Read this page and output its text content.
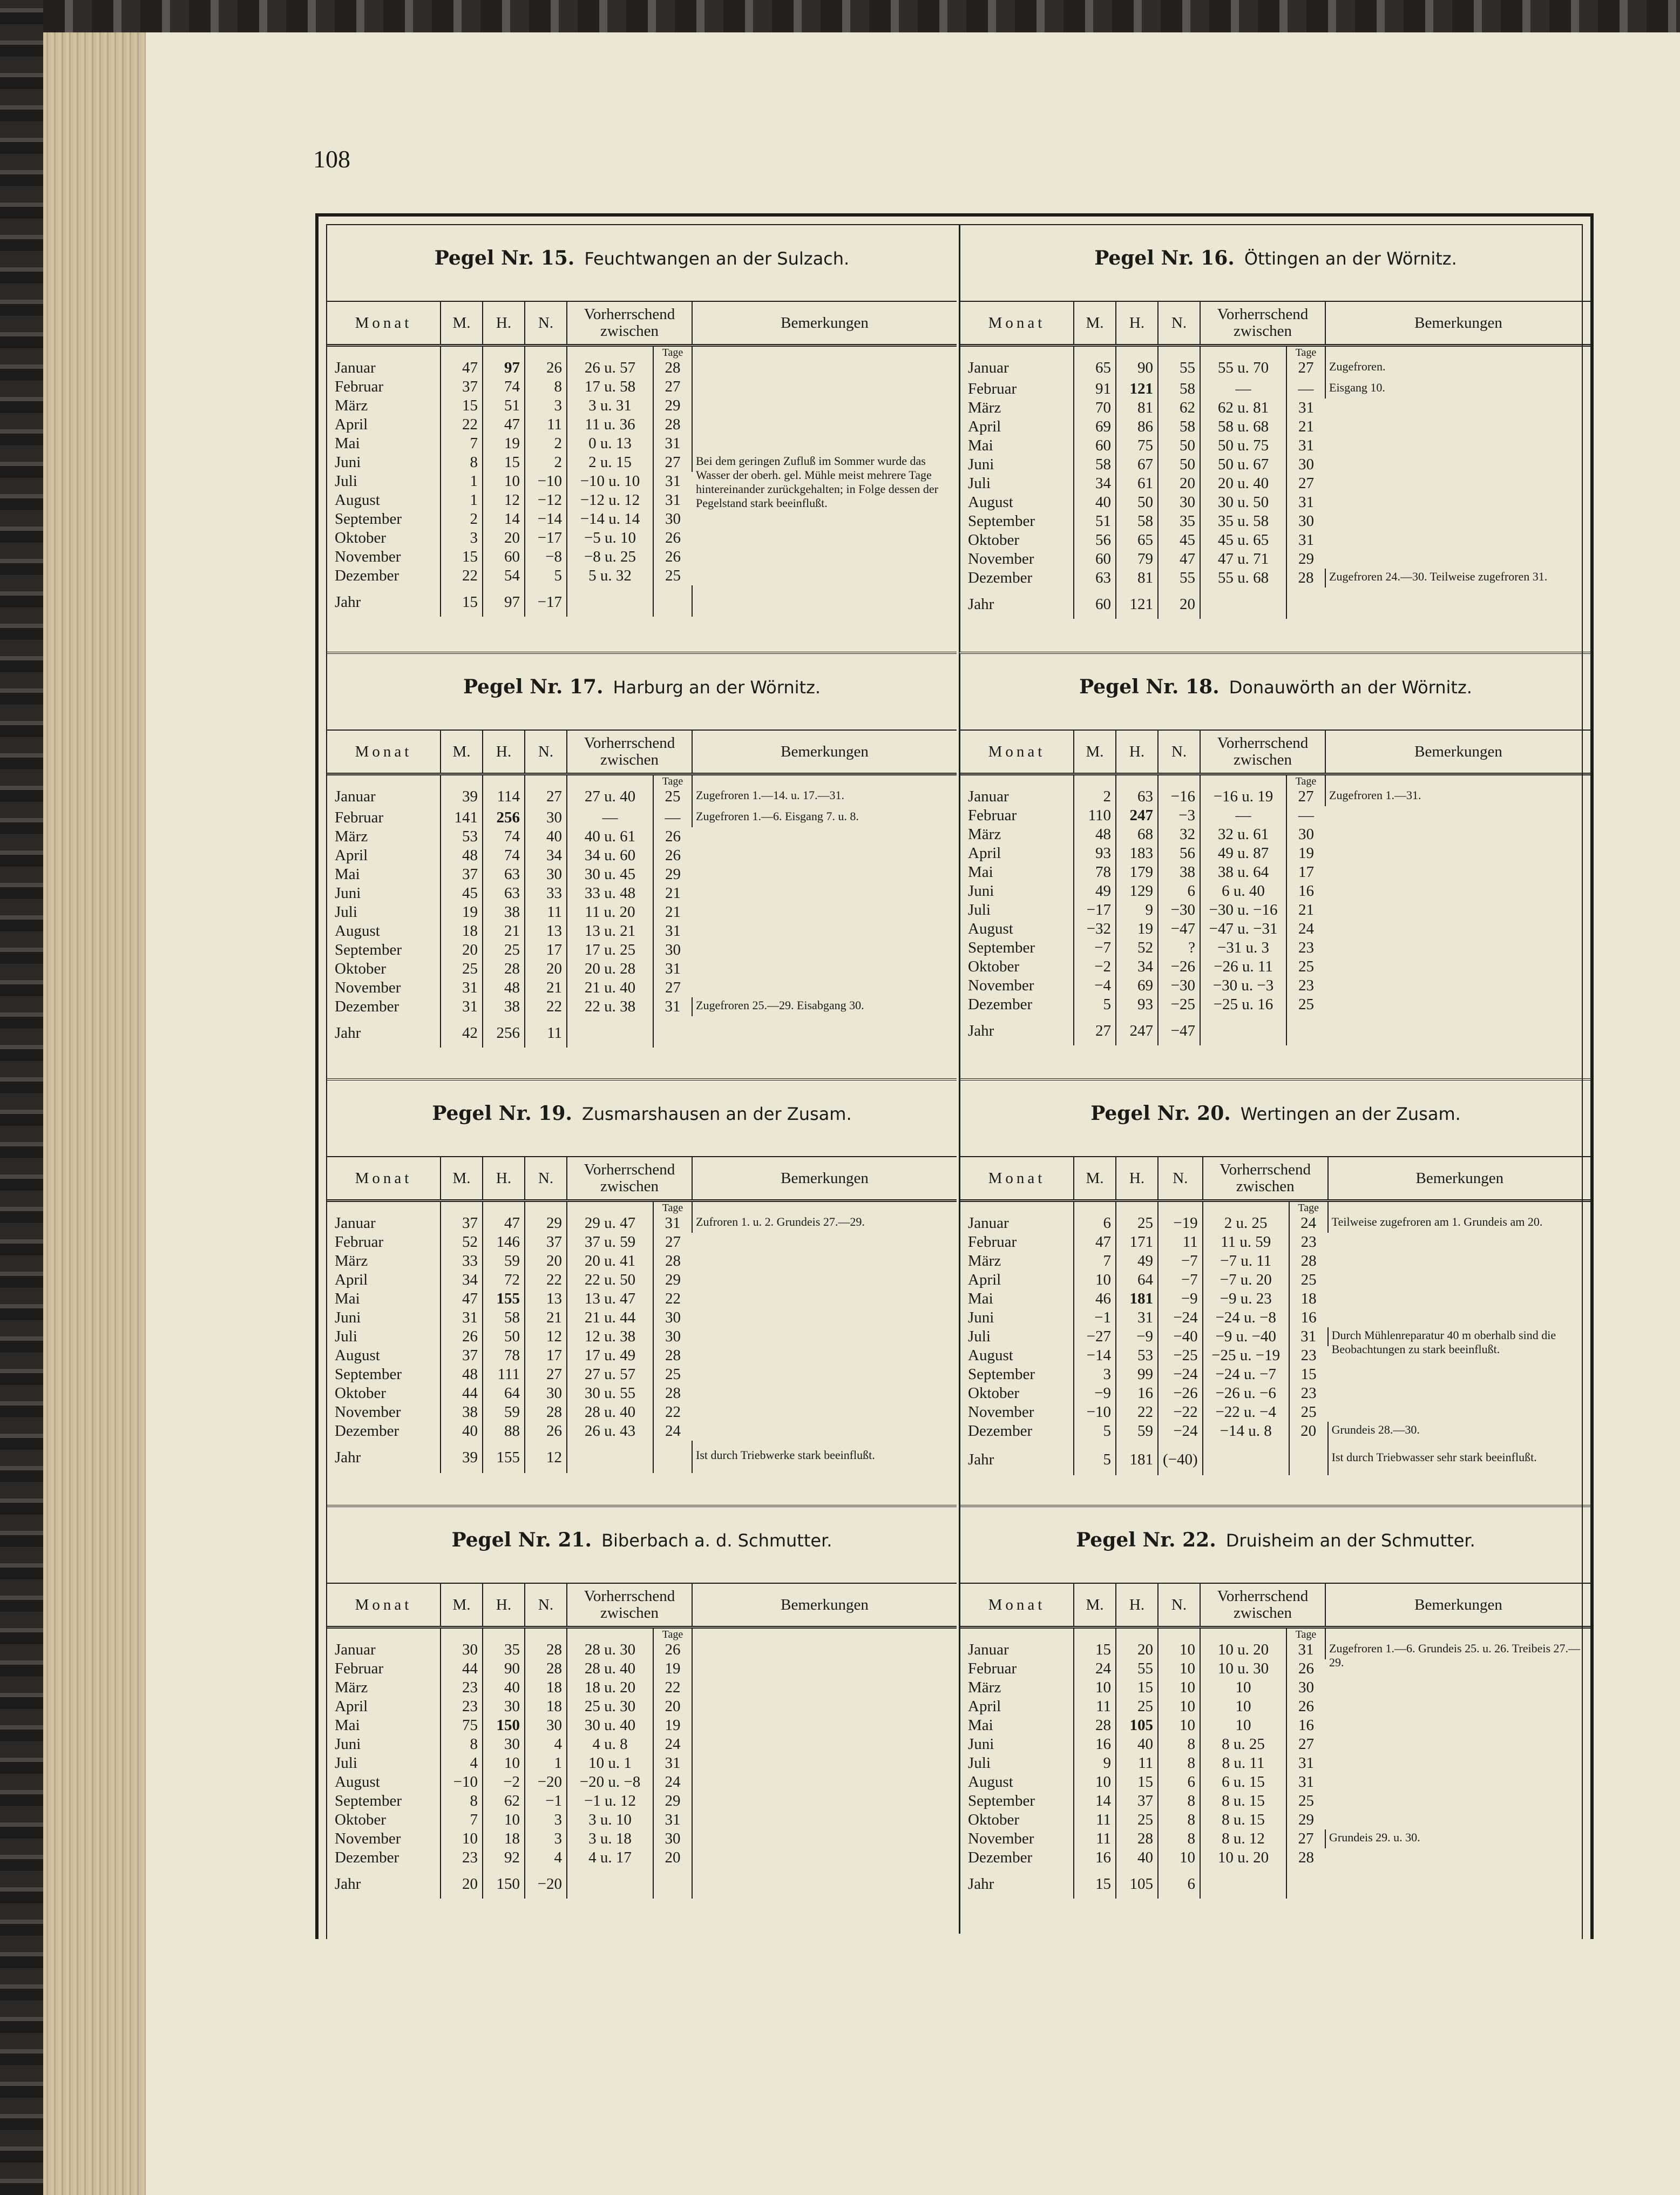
108
Pegel Nr. 15. Feuchtwangen an der Sulzach.
Monat	M.	H.	N.	Vorherrschend zwischen		Bemerkungen
					Tage	
Januar	47	97	26	26 u. 57	28	
Februar	37	74	8	17 u. 58	27	
März	15	51	3	3 u. 31	29	
April	22	47	11	11 u. 36	28	
Mai	7	19	2	0 u. 13	31	
Juni	8	15	2	2 u. 15	27	Bei dem geringen Zufluß im Sommer wurde das Wasser der oberh. gel. Mühle meist mehrere Tage hintereinander zurückgehalten; in Folge dessen der Pegelstand stark beeinflußt.
Juli	1	10	−10	−10 u. 10	31	
August	1	12	−12	−12 u. 12	31	
September	2	14	−14	−14 u. 14	30	
Oktober	3	20	−17	−5 u. 10	26	
November	15	60	−8	−8 u. 25	26	
Dezember	22	54	5	5 u. 32	25	
Jahr	15	97	−17			
Pegel Nr. 16. Öttingen an der Wörnitz.
Monat	M.	H.	N.	Vorherrschend zwischen		Bemerkungen
					Tage	
Januar	65	90	55	55 u. 70	27	Zugefroren.
Februar	91	121	58	—	—	Eisgang 10.
März	70	81	62	62 u. 81	31	
April	69	86	58	58 u. 68	21	
Mai	60	75	50	50 u. 75	31	
Juni	58	67	50	50 u. 67	30	
Juli	34	61	20	20 u. 40	27	
August	40	50	30	30 u. 50	31	
September	51	58	35	35 u. 58	30	
Oktober	56	65	45	45 u. 65	31	
November	60	79	47	47 u. 71	29	
Dezember	63	81	55	55 u. 68	28	Zugefroren 24.—30. Teilweise zugefroren 31.
Jahr	60	121	20			
Pegel Nr. 17. Harburg an der Wörnitz.
Monat	M.	H.	N.	Vorherrschend zwischen		Bemerkungen
					Tage	
Januar	39	114	27	27 u. 40	25	Zugefroren 1.—14. u. 17.—31.
Februar	141	256	30	—	—	Zugefroren 1.—6. Eisgang 7. u. 8.
März	53	74	40	40 u. 61	26	
April	48	74	34	34 u. 60	26	
Mai	37	63	30	30 u. 45	29	
Juni	45	63	33	33 u. 48	21	
Juli	19	38	11	11 u. 20	21	
August	18	21	13	13 u. 21	31	
September	20	25	17	17 u. 25	30	
Oktober	25	28	20	20 u. 28	31	
November	31	48	21	21 u. 40	27	
Dezember	31	38	22	22 u. 38	31	Zugefroren 25.—29. Eisabgang 30.
Jahr	42	256	11			
Pegel Nr. 18. Donauwörth an der Wörnitz.
Monat	M.	H.	N.	Vorherrschend zwischen		Bemerkungen
					Tage	
Januar	2	63	−16	−16 u. 19	27	Zugefroren 1.—31.
Februar	110	247	−3	—	—	
März	48	68	32	32 u. 61	30	
April	93	183	56	49 u. 87	19	
Mai	78	179	38	38 u. 64	17	
Juni	49	129	6	6 u. 40	16	
Juli	−17	9	−30	−30 u. −16	21	
August	−32	19	−47	−47 u. −31	24	
September	−7	52	?	−31 u. 3	23	
Oktober	−2	34	−26	−26 u. 11	25	
November	−4	69	−30	−30 u. −3	23	
Dezember	5	93	−25	−25 u. 16	25	
Jahr	27	247	−47			
Pegel Nr. 19. Zusmarshausen an der Zusam.
Monat	M.	H.	N.	Vorherrschend zwischen		Bemerkungen
					Tage	
Januar	37	47	29	29 u. 47	31	Zufroren 1. u. 2. Grundeis 27.—29.
Februar	52	146	37	37 u. 59	27	
März	33	59	20	20 u. 41	28	
April	34	72	22	22 u. 50	29	
Mai	47	155	13	13 u. 47	22	
Juni	31	58	21	21 u. 44	30	
Juli	26	50	12	12 u. 38	30	
August	37	78	17	17 u. 49	28	
September	48	111	27	27 u. 57	25	
Oktober	44	64	30	30 u. 55	28	
November	38	59	28	28 u. 40	22	
Dezember	40	88	26	26 u. 43	24	
Jahr	39	155	12			Ist durch Triebwerke stark beeinflußt.
Pegel Nr. 20. Wertingen an der Zusam.
Monat	M.	H.	N.	Vorherrschend zwischen		Bemerkungen
					Tage	
Januar	6	25	−19	2 u. 25	24	Teilweise zugefroren am 1. Grundeis am 20.
Februar	47	171	11	11 u. 59	23	
März	7	49	−7	−7 u. 11	28	
April	10	64	−7	−7 u. 20	25	
Mai	46	181	−9	−9 u. 23	18	
Juni	−1	31	−24	−24 u. −8	16	
Juli	−27	−9	−40	−9 u. −40	31	Durch Mühlenreparatur 40 m oberhalb sind die Beobachtungen zu stark beeinflußt.
August	−14	53	−25	−25 u. −19	23	
September	3	99	−24	−24 u. −7	15	
Oktober	−9	16	−26	−26 u. −6	23	
November	−10	22	−22	−22 u. −4	25	
Dezember	5	59	−24	−14 u. 8	20	Grundeis 28.—30.
Jahr	5	181	(−40)			Ist durch Triebwasser sehr stark beeinflußt.
Pegel Nr. 21. Biberbach a. d. Schmutter.
Monat	M.	H.	N.	Vorherrschend zwischen		Bemerkungen
					Tage	
Januar	30	35	28	28 u. 30	26	
Februar	44	90	28	28 u. 40	19	
März	23	40	18	18 u. 20	22	
April	23	30	18	25 u. 30	20	
Mai	75	150	30	30 u. 40	19	
Juni	8	30	4	4 u. 8	24	
Juli	4	10	1	10 u. 1	31	
August	−10	−2	−20	−20 u. −8	24	
September	8	62	−1	−1 u. 12	29	
Oktober	7	10	3	3 u. 10	31	
November	10	18	3	3 u. 18	30	
Dezember	23	92	4	4 u. 17	20	
Jahr	20	150	−20			
Pegel Nr. 22. Druisheim an der Schmutter.
Monat	M.	H.	N.	Vorherrschend zwischen		Bemerkungen
					Tage	
Januar	15	20	10	10 u. 20	31	Zugefroren 1.—6. Grundeis 25. u. 26. Treibeis 27.—29.
Februar	24	55	10	10 u. 30	26	
März	10	15	10	10	30	
April	11	25	10	10	26	
Mai	28	105	10	10	16	
Juni	16	40	8	8 u. 25	27	
Juli	9	11	8	8 u. 11	31	
August	10	15	6	6 u. 15	31	
September	14	37	8	8 u. 15	25	
Oktober	11	25	8	8 u. 15	29	
November	11	28	8	8 u. 12	27	Grundeis 29. u. 30.
Dezember	16	40	10	10 u. 20	28	
Jahr	15	105	6			
